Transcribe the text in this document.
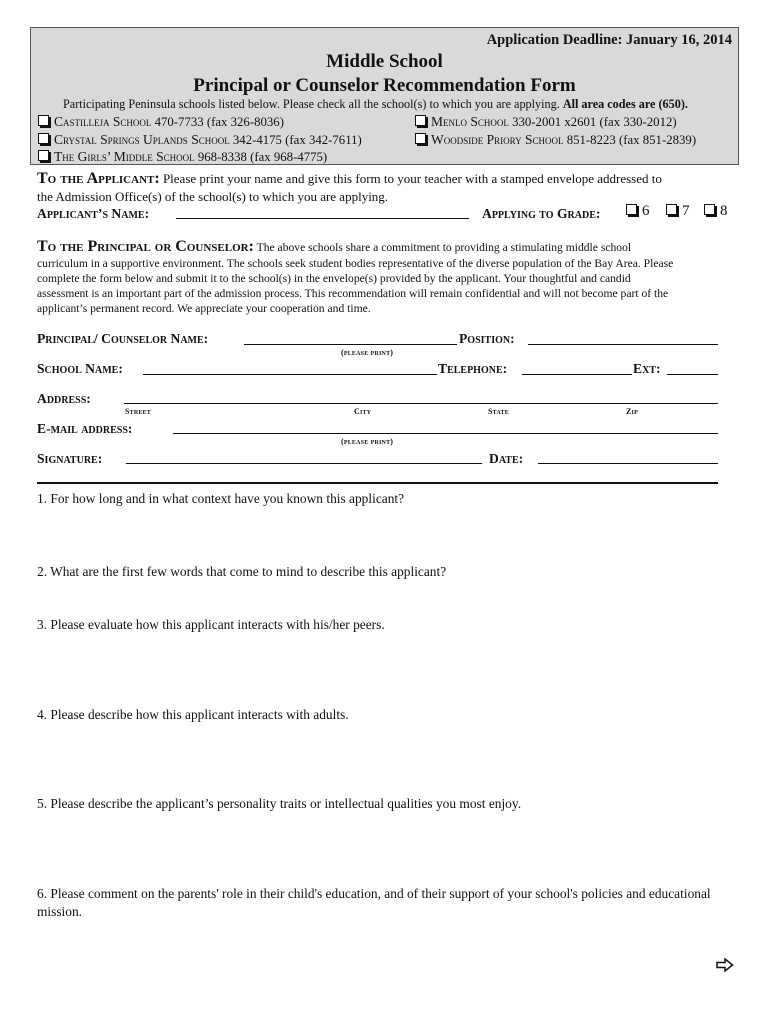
Application Deadline: January 16, 2014
Middle School
Principal or Counselor Recommendation Form
Participating Peninsula schools listed below. Please check all the school(s) to which you are applying. All area codes are (650).
Castilleja School 470-7733 (fax 326-8036)	Menlo School 330-2001 x2601 (fax 330-2012)
Crystal Springs Uplands School 342-4175 (fax 342-7611)	Woodside Priory School 851-8223 (fax 851-2839)
The Girls’ Middle School 968-8338 (fax 968-4775)
To the Applicant: Please print your name and give this form to your teacher with a stamped envelope addressed to
the Admission Office(s) of the school(s) to which you are applying.
Applicant’s Name:	Applying to Grade:	6	7	8
To the Principal or Counselor: The above schools share a commitment to providing a stimulating middle school
curriculum in a supportive environment. The schools seek student bodies representative of the diverse population of the Bay Area. Please
complete the form below and submit it to the school(s) in the envelope(s) provided by the applicant. Your thoughtful and candid
assessment is an important part of the admission process. This recommendation will remain confidential and will not become part of the
applicant’s permanent record. We appreciate your cooperation and time.
Principal/ Counselor Name:	Position:
(please print)
School Name:	Telephone:	Ext:
Address:
Street	City	State	Zip
E-mail address:
(please print)
Signature:	Date:
1. For how long and in what context have you known this applicant?
2. What are the first few words that come to mind to describe this applicant?
3. Please evaluate how this applicant interacts with his/her peers.
4. Please describe how this applicant interacts with adults.
5. Please describe the applicant’s personality traits or intellectual qualities you most enjoy.
6. Please comment on the parents' role in their child's education, and of their support of your school's policies and educational mission.
